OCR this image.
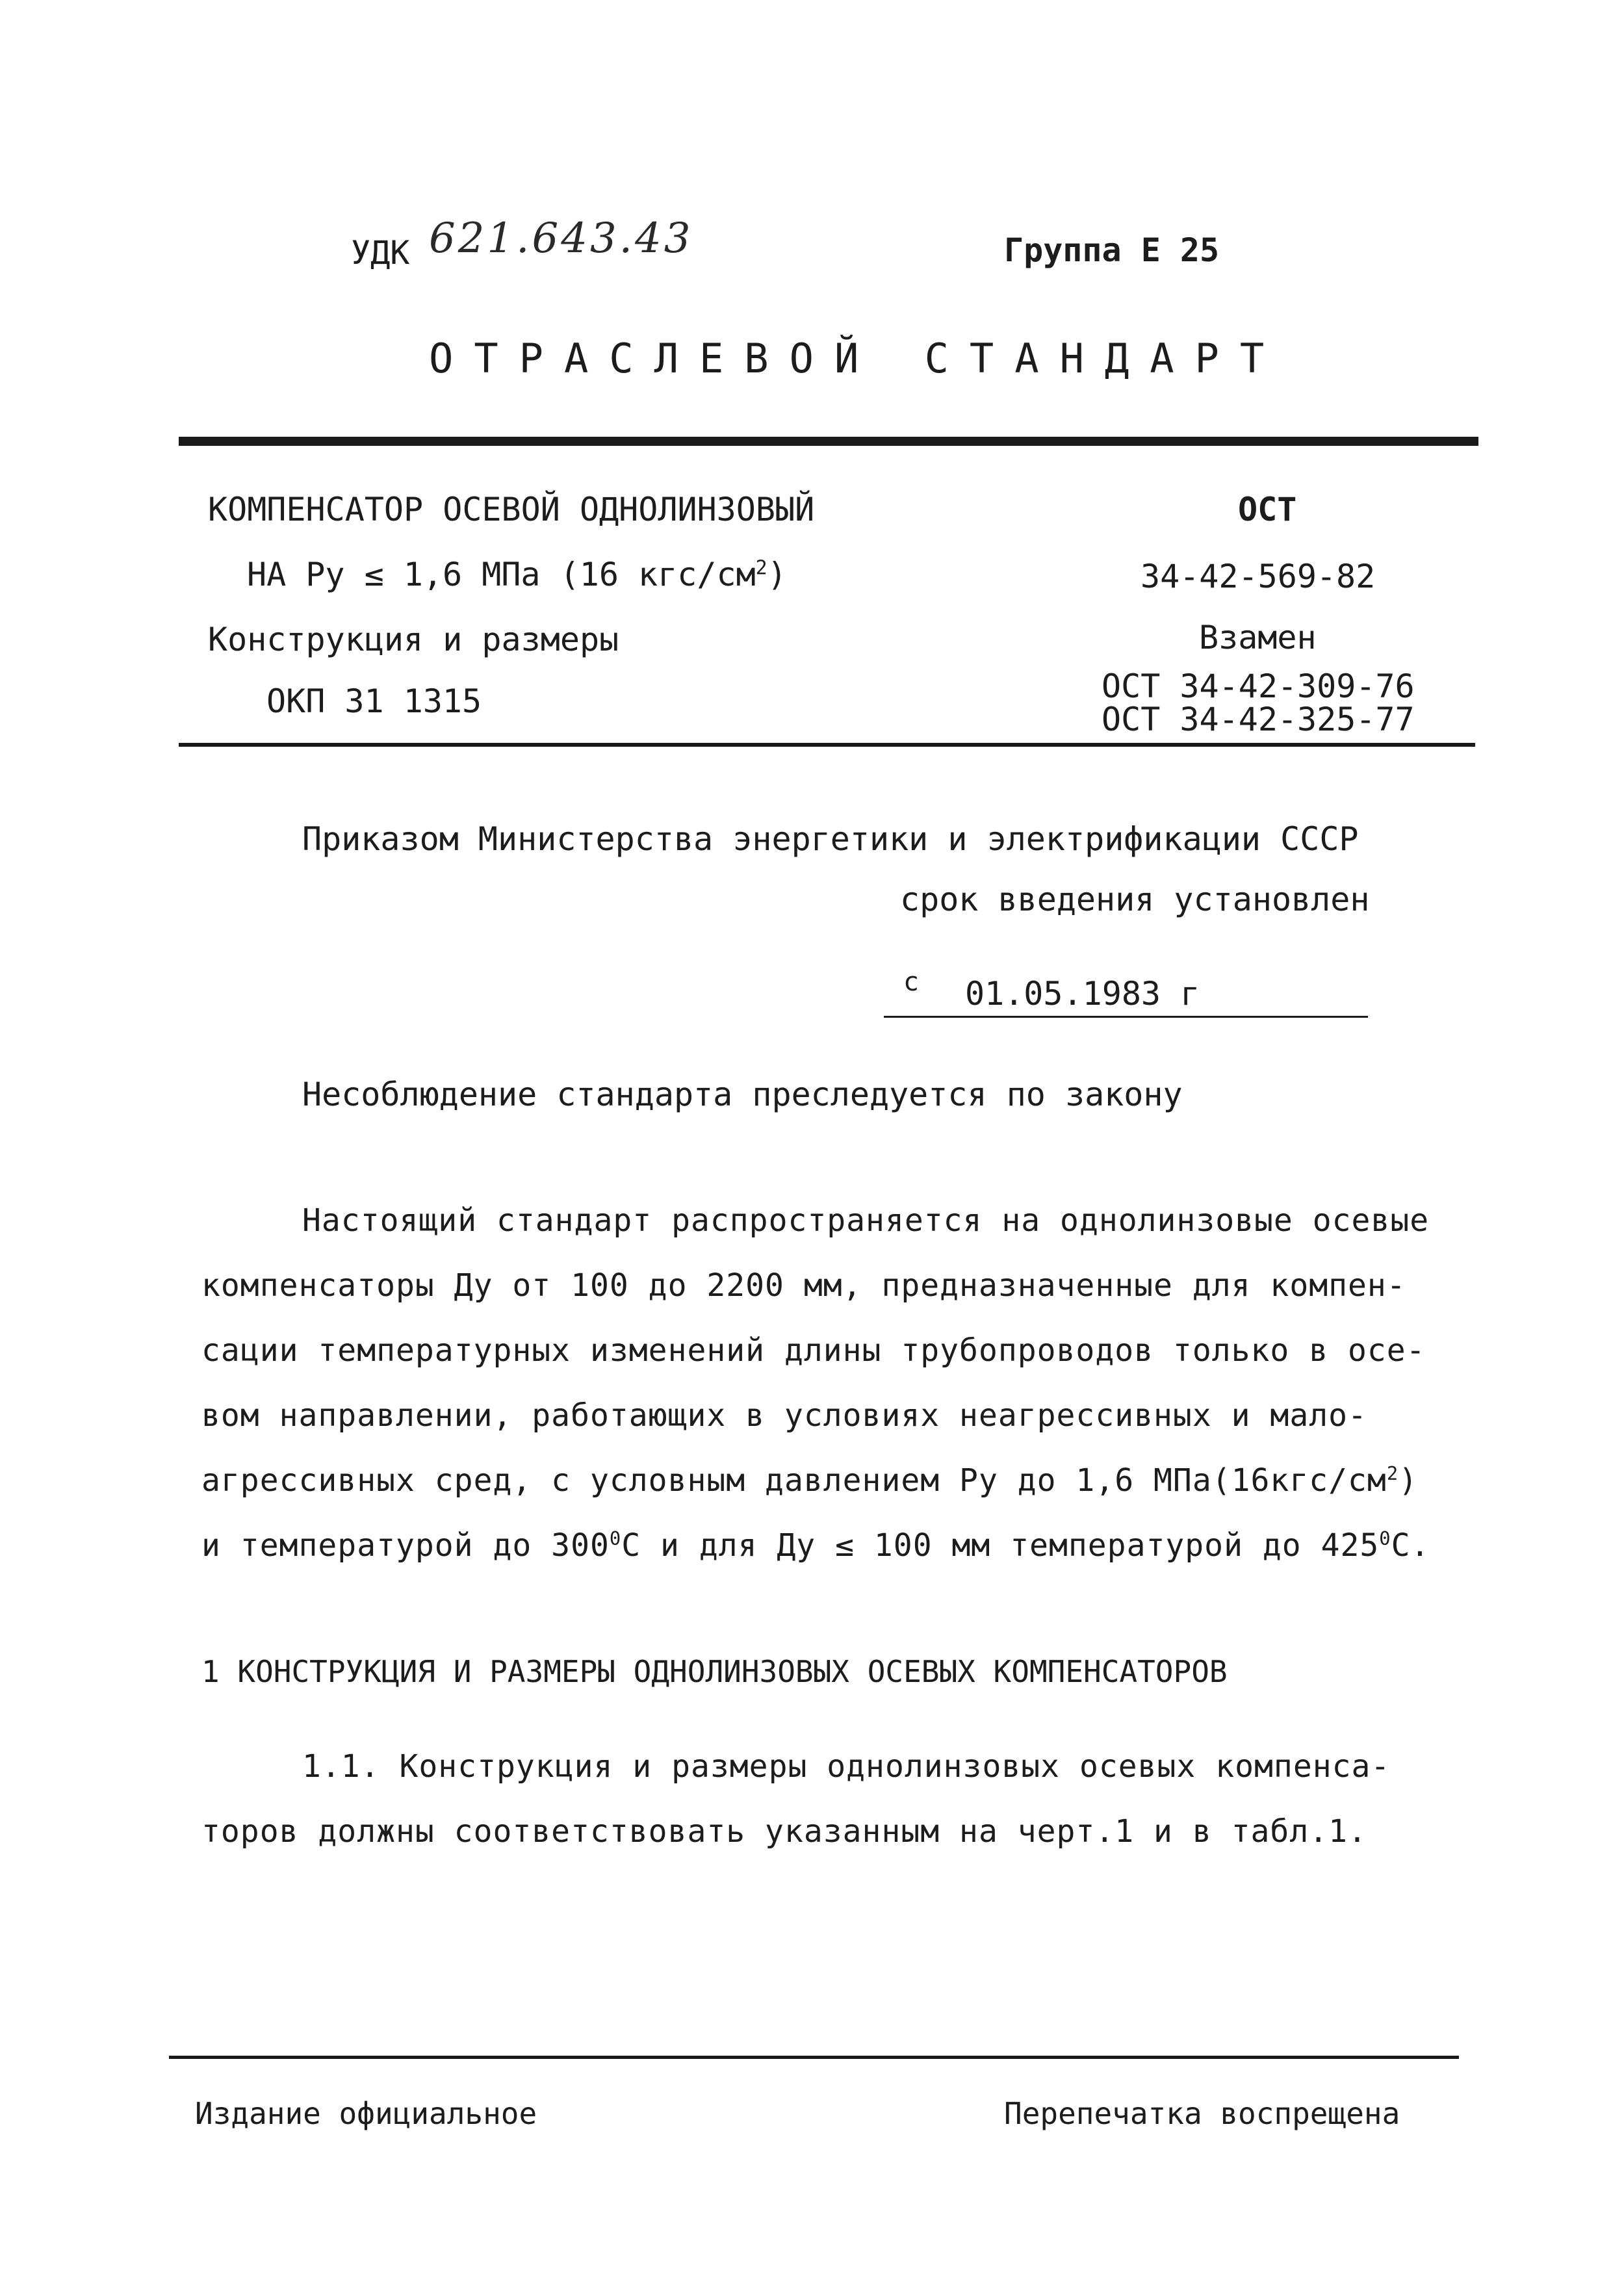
УДК 621.643.43	Группа Е 25
ОТРАСЛЕВОЙ СТАНДАРТ
КОМПЕНСАТОР ОСЕВОЙ ОДНОЛИНЗОВЫЙ
НА Ру ≤ 1,6 МПа (16 кгс/$см^2$)
Конструкция и размеры
ОКП 31 1315
ОСТ
34-42-569-82
Взамен
ОСТ 34-42-309-76
ОСТ 34-42-325-77
Приказом Министерства энергетики и электрификации СССР
срок введения установлен
с 01.05.1983 г
Несоблюдение стандарта преследуется по закону
Настоящий стандарт распространяется на однолинзовые осевые
компенсаторы Ду от 100 до 2200 мм, предназначенные для компен-
сации температурных изменений длины трубопроводов только в осе-
вом направлении, работающих в условиях неагрессивных и мало-
агрессивных сред, с условным давлением Ру до 1,6 $МПа(16кгс/см^2)$
и температурой до $300^0С$ и для Ду ≤ 100 мм температурой до $425^0С$.
1 КОНСТРУКЦИЯ И РАЗМЕРЫ ОДНОЛИНЗОВЫХ ОСЕВЫХ КОМПЕНСАТОРОВ
1.1. Конструкция и размеры однолинзовых осевых компенса-
торов должны соответствовать указанным на черт.1 и в табл.1.
Издание официальное	Перепечатка воспрещена
